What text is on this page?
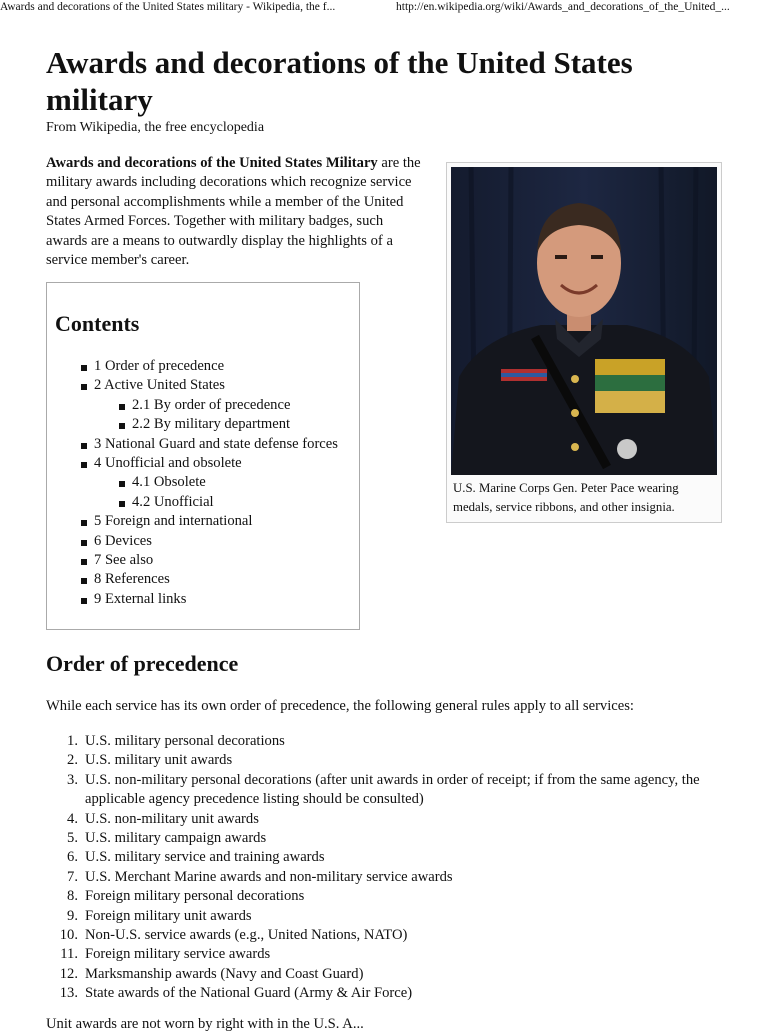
Awards and decorations of the United States military - Wikipedia, the f...	http://en.wikipedia.org/wiki/Awards_and_decorations_of_the_United_...
Awards and decorations of the United States military
From Wikipedia, the free encyclopedia

Awards and decorations of the United States Military are the military awards including decorations which recognize service and personal accomplishments while a member of the United States Armed Forces. Together with military badges, such awards are a means to outwardly display the highlights of a service member's career.

Contents
1 Order of precedence
2 Active United States
2.1 By order of precedence
2.2 By military department
3 National Guard and state defense forces
4 Unofficial and obsolete
4.1 Obsolete
4.2 Unofficial
5 Foreign and international
6 Devices
7 See also
8 References
9 External links
U.S. Marine Corps Gen. Peter Pace wearing medals, service ribbons, and other insignia.
Order of precedence
While each service has its own order of precedence, the following general rules apply to all services:
1. U.S. military personal decorations
2. U.S. military unit awards
3. U.S. non-military personal decorations (after unit awards in order of receipt; if from the same agency, the applicable agency precedence listing should be consulted)
4. U.S. non-military unit awards
5. U.S. military campaign awards
6. U.S. military service and training awards
7. U.S. Merchant Marine awards and non-military service awards
8. Foreign military personal decorations
9. Foreign military unit awards
10. Non-U.S. service awards (e.g., United Nations, NATO)
11. Foreign military service awards
12. Marksmanship awards (Navy and Coast Guard)
13. State awards of the National Guard (Army & Air Force)
Unit awards are not worn by right with in the U.S. A...
